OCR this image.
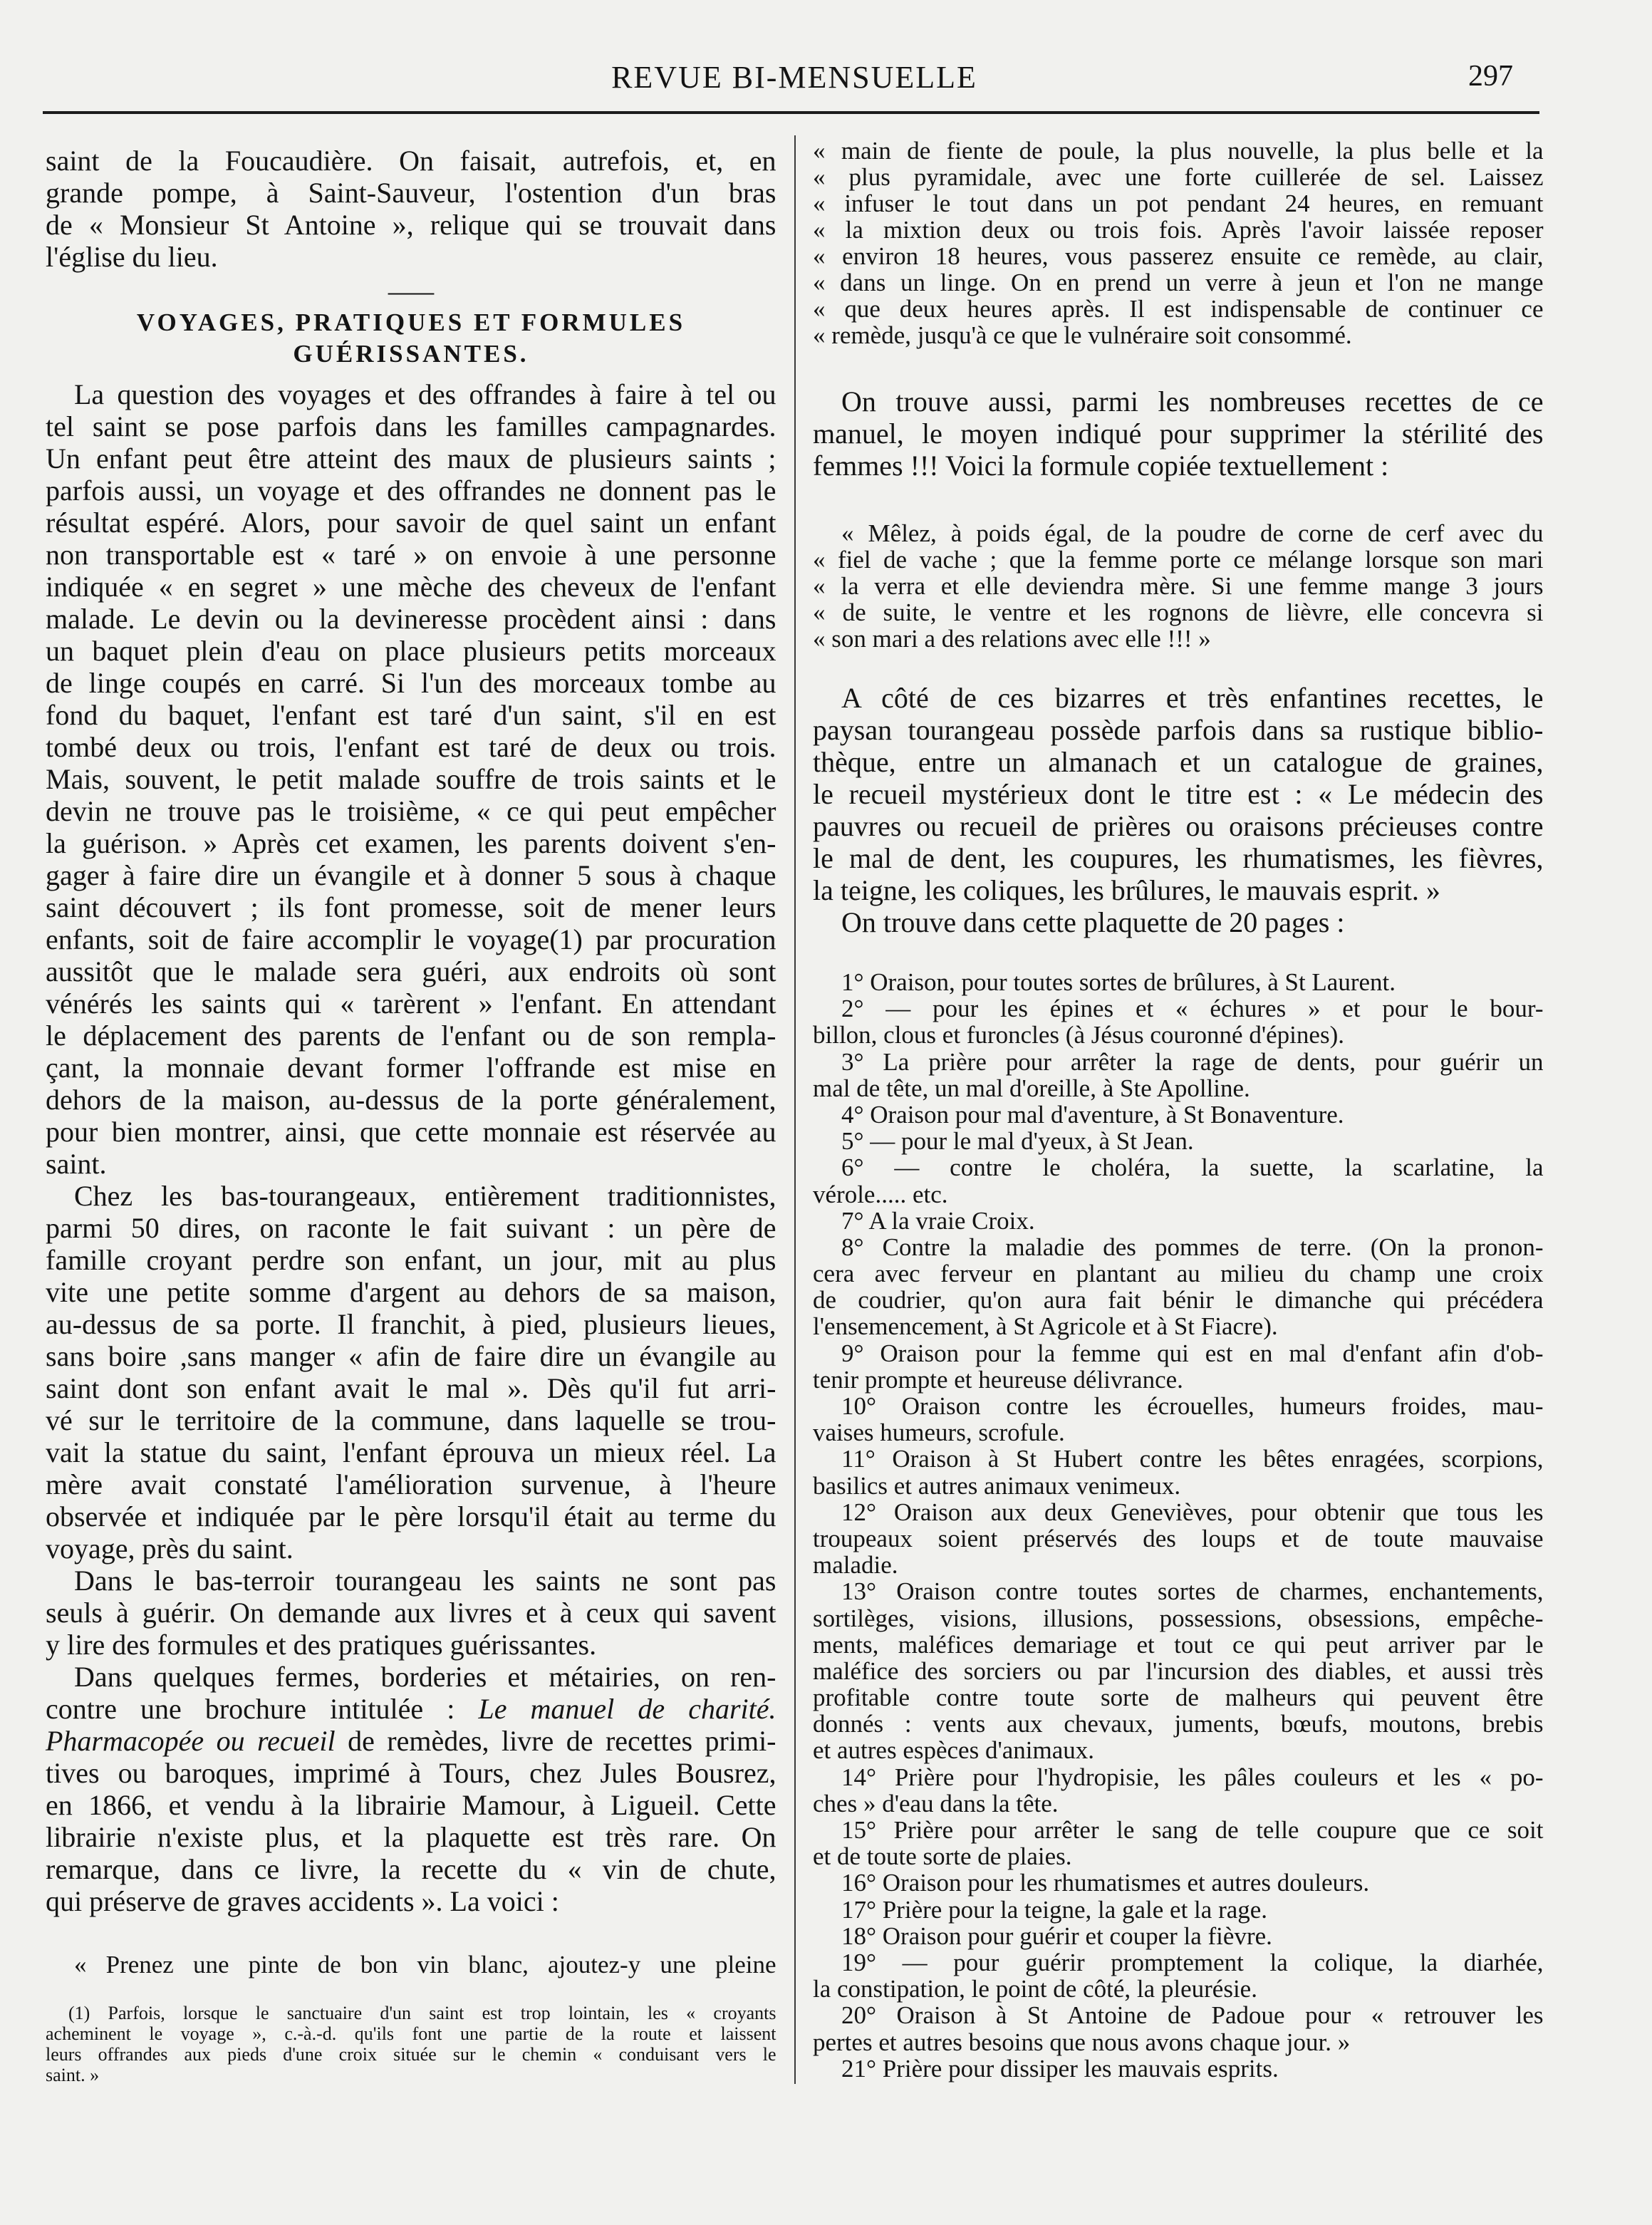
REVUE BI-MENSUELLE	297
saint de la Foucaudière. On faisait, autrefois, et, en
grande pompe, à Saint-Sauveur, l'ostention d'un bras
de « Monsieur St Antoine », relique qui se trouvait dans
l'église du lieu.
—
VOYAGES, PRATIQUES ET FORMULES
GUÉRISSANTES.
La question des voyages et des offrandes à faire à tel ou
tel saint se pose parfois dans les familles campagnardes.
Un enfant peut être atteint des maux de plusieurs saints ;
parfois aussi, un voyage et des offrandes ne donnent pas le
résultat espéré. Alors, pour savoir de quel saint un enfant
non transportable est « taré » on envoie à une personne
indiquée « en segret » une mèche des cheveux de l'enfant
malade. Le devin ou la devineresse procèdent ainsi : dans
un baquet plein d'eau on place plusieurs petits morceaux
de linge coupés en carré. Si l'un des morceaux tombe au
fond du baquet, l'enfant est taré d'un saint, s'il en est
tombé deux ou trois, l'enfant est taré de deux ou trois.
Mais, souvent, le petit malade souffre de trois saints et le
devin ne trouve pas le troisième, « ce qui peut empêcher
la guérison. » Après cet examen, les parents doivent s'en-
gager à faire dire un évangile et à donner 5 sous à chaque
saint découvert ; ils font promesse, soit de mener leurs
enfants, soit de faire accomplir le voyage(1) par procuration
aussitôt que le malade sera guéri, aux endroits où sont
vénérés les saints qui « tarèrent » l'enfant. En attendant
le déplacement des parents de l'enfant ou de son rempla-
çant, la monnaie devant former l'offrande est mise en
dehors de la maison, au-dessus de la porte généralement,
pour bien montrer, ainsi, que cette monnaie est réservée au
saint.
Chez les bas-tourangeaux, entièrement traditionnistes,
parmi 50 dires, on raconte le fait suivant : un père de
famille croyant perdre son enfant, un jour, mit au plus
vite une petite somme d'argent au dehors de sa maison,
au-dessus de sa porte. Il franchit, à pied, plusieurs lieues,
sans boire ,sans manger « afin de faire dire un évangile au
saint dont son enfant avait le mal ». Dès qu'il fut arri-
vé sur le territoire de la commune, dans laquelle se trou-
vait la statue du saint, l'enfant éprouva un mieux réel. La
mère avait constaté l'amélioration survenue, à l'heure
observée et indiquée par le père lorsqu'il était au terme du
voyage, près du saint.
Dans le bas-terroir tourangeau les saints ne sont pas
seuls à guérir. On demande aux livres et à ceux qui savent
y lire des formules et des pratiques guérissantes.
Dans quelques fermes, borderies et métairies, on ren-
contre une brochure intitulée : Le manuel de charité.
Pharmacopée ou recueil de remèdes, livre de recettes primi-
tives ou baroques, imprimé à Tours, chez Jules Bousrez,
en 1866, et vendu à la librairie Mamour, à Ligueil. Cette
librairie n'existe plus, et la plaquette est très rare. On
remarque, dans ce livre, la recette du « vin de chute,
qui préserve de graves accidents ». La voici :
« Prenez une pinte de bon vin blanc, ajoutez-y une pleine
(1) Parfois, lorsque le sanctuaire d'un saint est trop lointain, les « croyants
acheminent le voyage », c.-à.-d. qu'ils font une partie de la route et laissent
leurs offrandes aux pieds d'une croix située sur le chemin « conduisant vers le
saint. »
« main de fiente de poule, la plus nouvelle, la plus belle et la
« plus pyramidale, avec une forte cuillerée de sel. Laissez
« infuser le tout dans un pot pendant 24 heures, en remuant
« la mixtion deux ou trois fois. Après l'avoir laissée reposer
« environ 18 heures, vous passerez ensuite ce remède, au clair,
« dans un linge. On en prend un verre à jeun et l'on ne mange
« que deux heures après. Il est indispensable de continuer ce
« remède, jusqu'à ce que le vulnéraire soit consommé.
On trouve aussi, parmi les nombreuses recettes de ce
manuel, le moyen indiqué pour supprimer la stérilité des
femmes !!! Voici la formule copiée textuellement :
« Mêlez, à poids égal, de la poudre de corne de cerf avec du
« fiel de vache ; que la femme porte ce mélange lorsque son mari
« la verra et elle deviendra mère. Si une femme mange 3 jours
« de suite, le ventre et les rognons de lièvre, elle concevra si
« son mari a des relations avec elle !!! »
A côté de ces bizarres et très enfantines recettes, le
paysan tourangeau possède parfois dans sa rustique biblio-
thèque, entre un almanach et un catalogue de graines,
le recueil mystérieux dont le titre est : « Le médecin des
pauvres ou recueil de prières ou oraisons précieuses contre
le mal de dent, les coupures, les rhumatismes, les fièvres,
la teigne, les coliques, les brûlures, le mauvais esprit. »
On trouve dans cette plaquette de 20 pages :
1° Oraison, pour toutes sortes de brûlures, à St Laurent.
2° — pour les épines et « échures » et pour le bour-
billon, clous et furoncles (à Jésus couronné d'épines).
3° La prière pour arrêter la rage de dents, pour guérir un
mal de tête, un mal d'oreille, à Ste Apolline.
4° Oraison pour mal d'aventure, à St Bonaventure.
5° — pour le mal d'yeux, à St Jean.
6° — contre le choléra, la suette, la scarlatine, la
vérole..... etc.
7° A la vraie Croix.
8° Contre la maladie des pommes de terre. (On la pronon-
cera avec ferveur en plantant au milieu du champ une croix
de coudrier, qu'on aura fait bénir le dimanche qui précédera
l'ensemencement, à St Agricole et à St Fiacre).
9° Oraison pour la femme qui est en mal d'enfant afin d'ob-
tenir prompte et heureuse délivrance.
10° Oraison contre les écrouelles, humeurs froides, mau-
vaises humeurs, scrofule.
11° Oraison à St Hubert contre les bêtes enragées, scorpions,
basilics et autres animaux venimeux.
12° Oraison aux deux Genevièves, pour obtenir que tous les
troupeaux soient préservés des loups et de toute mauvaise
maladie.
13° Oraison contre toutes sortes de charmes, enchantements,
sortilèges, visions, illusions, possessions, obsessions, empêche-
ments, maléfices demariage et tout ce qui peut arriver par le
maléfice des sorciers ou par l'incursion des diables, et aussi très
profitable contre toute sorte de malheurs qui peuvent être
donnés : vents aux chevaux, juments, bœufs, moutons, brebis
et autres espèces d'animaux.
14° Prière pour l'hydropisie, les pâles couleurs et les « po-
ches » d'eau dans la tête.
15° Prière pour arrêter le sang de telle coupure que ce soit
et de toute sorte de plaies.
16° Oraison pour les rhumatismes et autres douleurs.
17° Prière pour la teigne, la gale et la rage.
18° Oraison pour guérir et couper la fièvre.
19° — pour guérir promptement la colique, la diarhée,
la constipation, le point de côté, la pleurésie.
20° Oraison à St Antoine de Padoue pour « retrouver les
pertes et autres besoins que nous avons chaque jour. »
21° Prière pour dissiper les mauvais esprits.
